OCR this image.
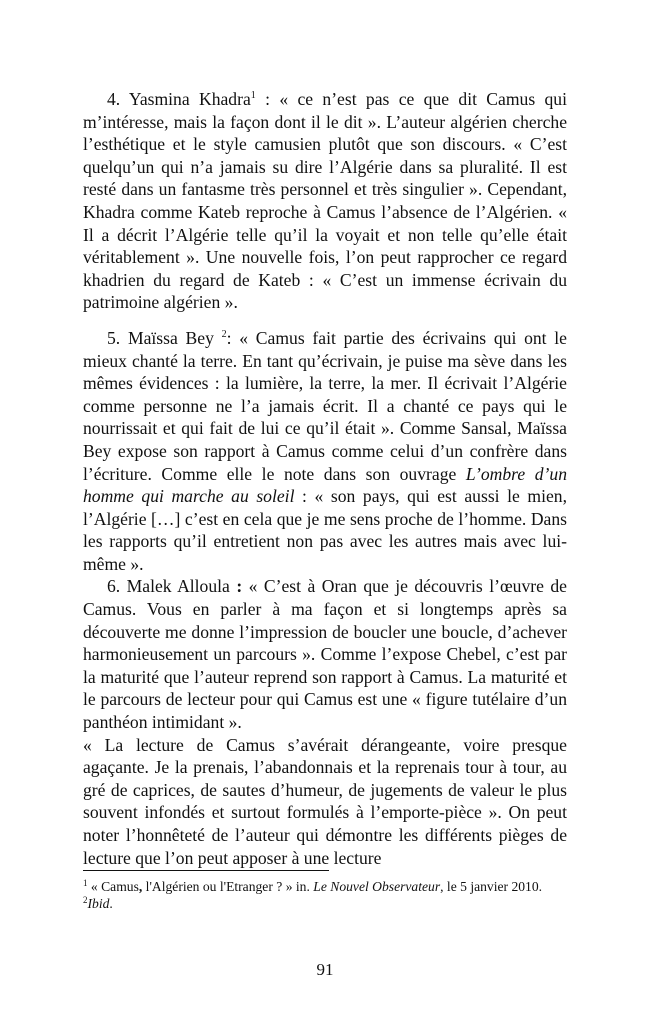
4. Yasmina Khadra$^1$ : « ce n’est pas ce que dit Camus qui m’intéresse, mais la façon dont il le dit ». L’auteur algérien cherche l’esthétique et le style camusien plutôt que son discours. « C’est quelqu’un qui n’a jamais su dire l’Algérie dans sa pluralité. Il est resté dans un fantasme très personnel et très singulier ». Cependant, Khadra comme Kateb reproche à Camus l’absence de l’Algérien. « Il a décrit l’Algérie telle qu’il la voyait et non telle qu’elle était véritablement ». Une nouvelle fois, l’on peut rapprocher ce regard khadrien du regard de Kateb : « C’est un immense écrivain du patrimoine algérien ».

5. Maïssa Bey $^2$: « Camus fait partie des écrivains qui ont le mieux chanté la terre. En tant qu’écrivain, je puise ma sève dans les mêmes évidences : la lumière, la terre, la mer. Il écrivait l’Algérie comme personne ne l’a jamais écrit. Il a chanté ce pays qui le nourrissait et qui fait de lui ce qu’il était ». Comme Sansal, Maïssa Bey expose son rapport à Camus comme celui d’un confrère dans l’écriture. Comme elle le note dans son ouvrage L’ombre d’un homme qui marche au soleil : « son pays, qui est aussi le mien, l’Algérie […] c’est en cela que je me sens proche de l’homme. Dans les rapports qu’il entretient non pas avec les autres mais avec lui-même ».

6. Malek Alloula : « C’est à Oran que je découvris l’œuvre de Camus. Vous en parler à ma façon et si longtemps après sa découverte me donne l’impression de boucler une boucle, d’achever harmonieusement un parcours ». Comme l’expose Chebel, c’est par la maturité que l’auteur reprend son rapport à Camus. La maturité et le parcours de lecteur pour qui Camus est une « figure tutélaire d’un panthéon intimidant ».

« La lecture de Camus s’avérait dérangeante, voire presque agaçante. Je la prenais, l’abandonnais et la reprenais tour à tour, au gré de caprices, de sautes d’humeur, de jugements de valeur le plus souvent infondés et surtout formulés à l’emporte-pièce ». On peut noter l’honnêteté de l’auteur qui démontre les différents pièges de lecture que l’on peut apposer à une lecture

$^1$ « Camus, l'Algérien ou l'Etranger ? » in. Le Nouvel Observateur, le 5 janvier 2010.

$^2$Ibid.

91
